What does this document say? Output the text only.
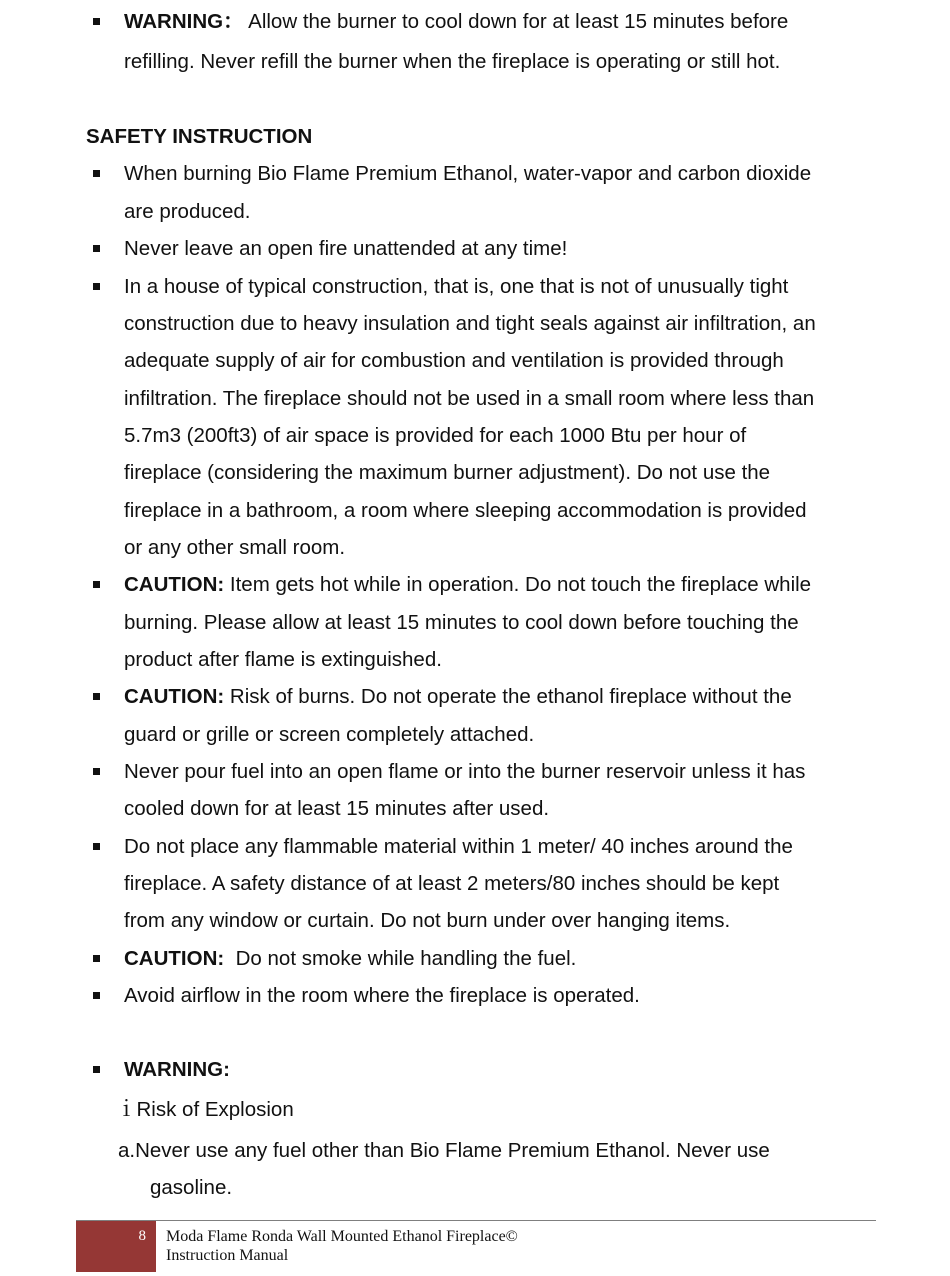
WARNING： Allow the burner to cool down for at least 15 minutes before
refilling. Never refill the burner when the fireplace is operating or still hot.
SAFETY INSTRUCTION
When burning Bio Flame Premium Ethanol, water-vapor and carbon dioxide
are produced.
Never leave an open fire unattended at any time!
In a house of typical construction, that is, one that is not of unusually tight
construction due to heavy insulation and tight seals against air infiltration, an
adequate supply of air for combustion and ventilation is provided through
infiltration. The fireplace should not be used in a small room where less than
5.7m3 (200ft3) of air space is provided for each 1000 Btu per hour of
fireplace (considering the maximum burner adjustment). Do not use the
fireplace in a bathroom, a room where sleeping accommodation is provided
or any other small room.
CAUTION: Item gets hot while in operation. Do not touch the fireplace while
burning. Please allow at least 15 minutes to cool down before touching the
product after flame is extinguished.
CAUTION: Risk of burns. Do not operate the ethanol fireplace without the
guard or grille or screen completely attached.
Never pour fuel into an open flame or into the burner reservoir unless it has
cooled down for at least 15 minutes after used.
Do not place any flammable material within 1 meter/ 40 inches around the
fireplace. A safety distance of at least 2 meters/80 inches should be kept
from any window or curtain. Do not burn under over hanging items.
CAUTION:  Do not smoke while handling the fuel.
Avoid airflow in the room where the fireplace is operated.
WARNING:
ｉRisk of Explosion
a.Never use any fuel other than Bio Flame Premium Ethanol. Never use
gasoline.
8 Moda Flame Ronda Wall Mounted Ethanol Fireplace©
Instruction Manual
